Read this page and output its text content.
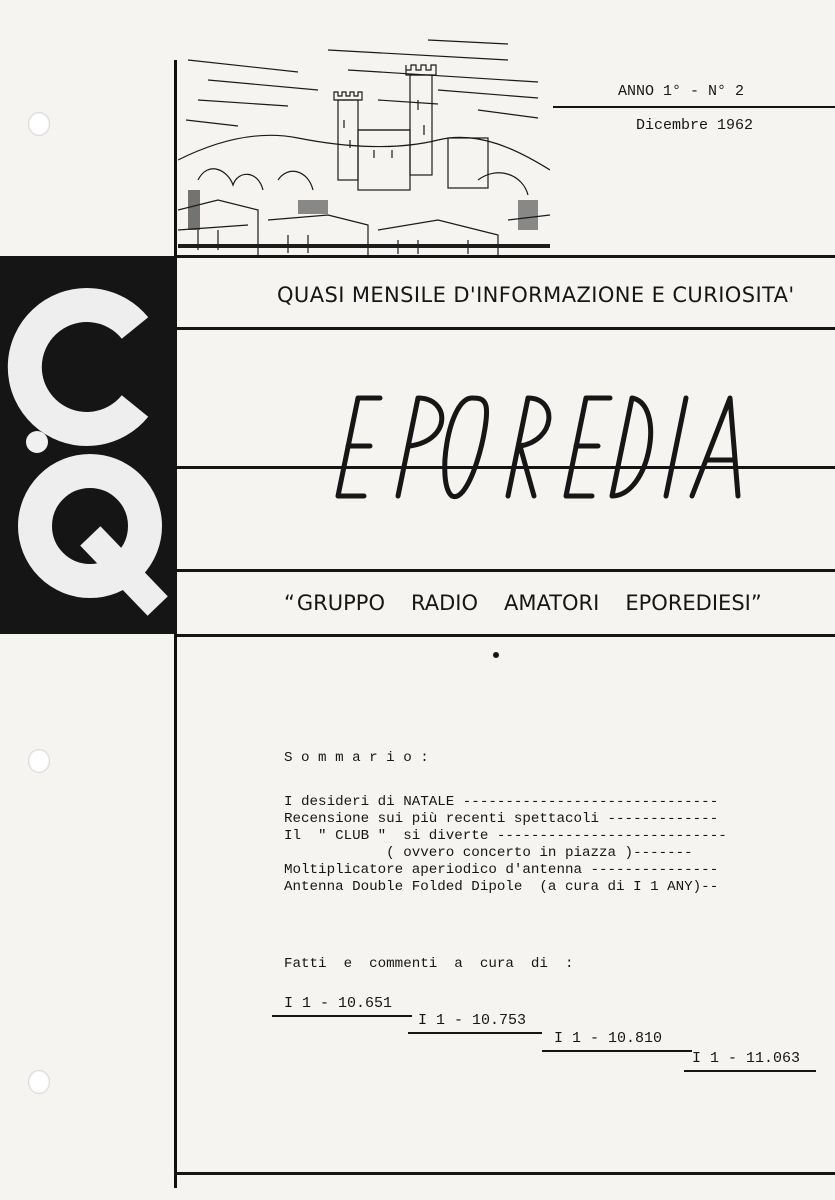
ANNO 1° - N° 2
Dicembre 1962
QUASI MENSILE D'INFORMAZIONE E CURIOSITA'
“GRUPPO RADIO AMATORI EPOREDIESI”
S o m m a r i o :
I desideri di NATALE ------------------------------
Recensione sui più recenti spettacoli -------------
Il  " CLUB "  si diverte ---------------------------
( ovvero concerto in piazza )-------
Moltiplicatore aperiodico d'antenna ---------------
Antenna Double Folded Dipole  (a cura di I 1 ANY)--
Fatti  e  commenti  a  cura  di  :
I 1 - 10.651
I 1 - 10.753
I 1 - 10.810
I 1 - 11.063
